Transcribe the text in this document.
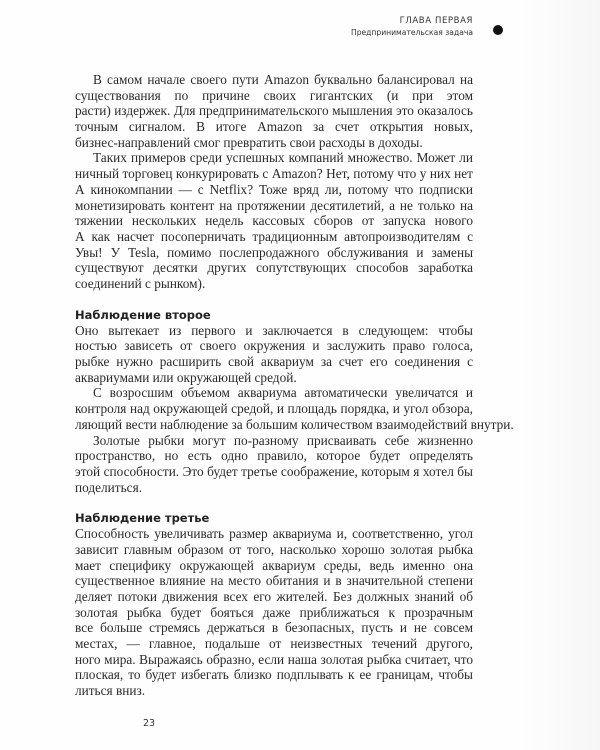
ГЛАВА ПЕРВАЯ
Предпринимательская задача
В самом начале своего пути Amazon буквально балансировал на
существования по причине своих гигантских (и при этом
расти) издержек. Для предпринимательского мышления это оказалось
точным сигналом. В итоге Amazon за счет открытия новых,
бизнес-направлений смог превратить свои расходы в доходы.
Таких примеров среди успешных компаний множество. Может ли
ничный торговец конкурировать с Amazon? Нет, потому что у них нет
А кинокомпании — с Netflix? Тоже вряд ли, потому что подписки
монетизировать контент на протяжении десятилетий, а не только на
тяжении нескольких недель кассовых сборов от запуска нового
А как насчет посоперничать традиционным автопроизводителям с
Увы! У Tesla, помимо послепродажного обслуживания и замены
существуют десятки других сопутствующих способов заработка
соединений с рынком).
Наблюдение второе
Оно вытекает из первого и заключается в следующем: чтобы
ностью зависеть от своего окружения и заслужить право голоса,
рыбке нужно расширить свой аквариум за счет его соединения с
аквариумами или окружающей средой.
С возросшим объемом аквариума автоматически увеличатся и
контроля над окружающей средой, и площадь порядка, и угол обзора,
ляющий вести наблюдение за большим количеством взаимодействий внутри.
Золотые рыбки могут по-разному присваивать себе жизненно
пространство, но есть одно правило, которое будет определять
этой способности. Это будет третье соображение, которым я хотел бы
поделиться.
Наблюдение третье
Способность увеличивать размер аквариума и, соответственно, угол
зависит главным образом от того, насколько хорошо золотая рыбка
мает специфику окружающей аквариум среды, ведь именно она
существенное влияние на место обитания и в значительной степени
деляет потоки движения всех его жителей. Без должных знаний об
золотая рыбка будет бояться даже приближаться к прозрачным
все больше стремясь держаться в безопасных, пусть и не совсем
местах, — главное, подальше от неизвестных течений другого,
ного мира. Выражаясь образно, если наша золотая рыбка считает, что
плоская, то будет избегать близко подплывать к ее границам, чтобы
литься вниз.
23
